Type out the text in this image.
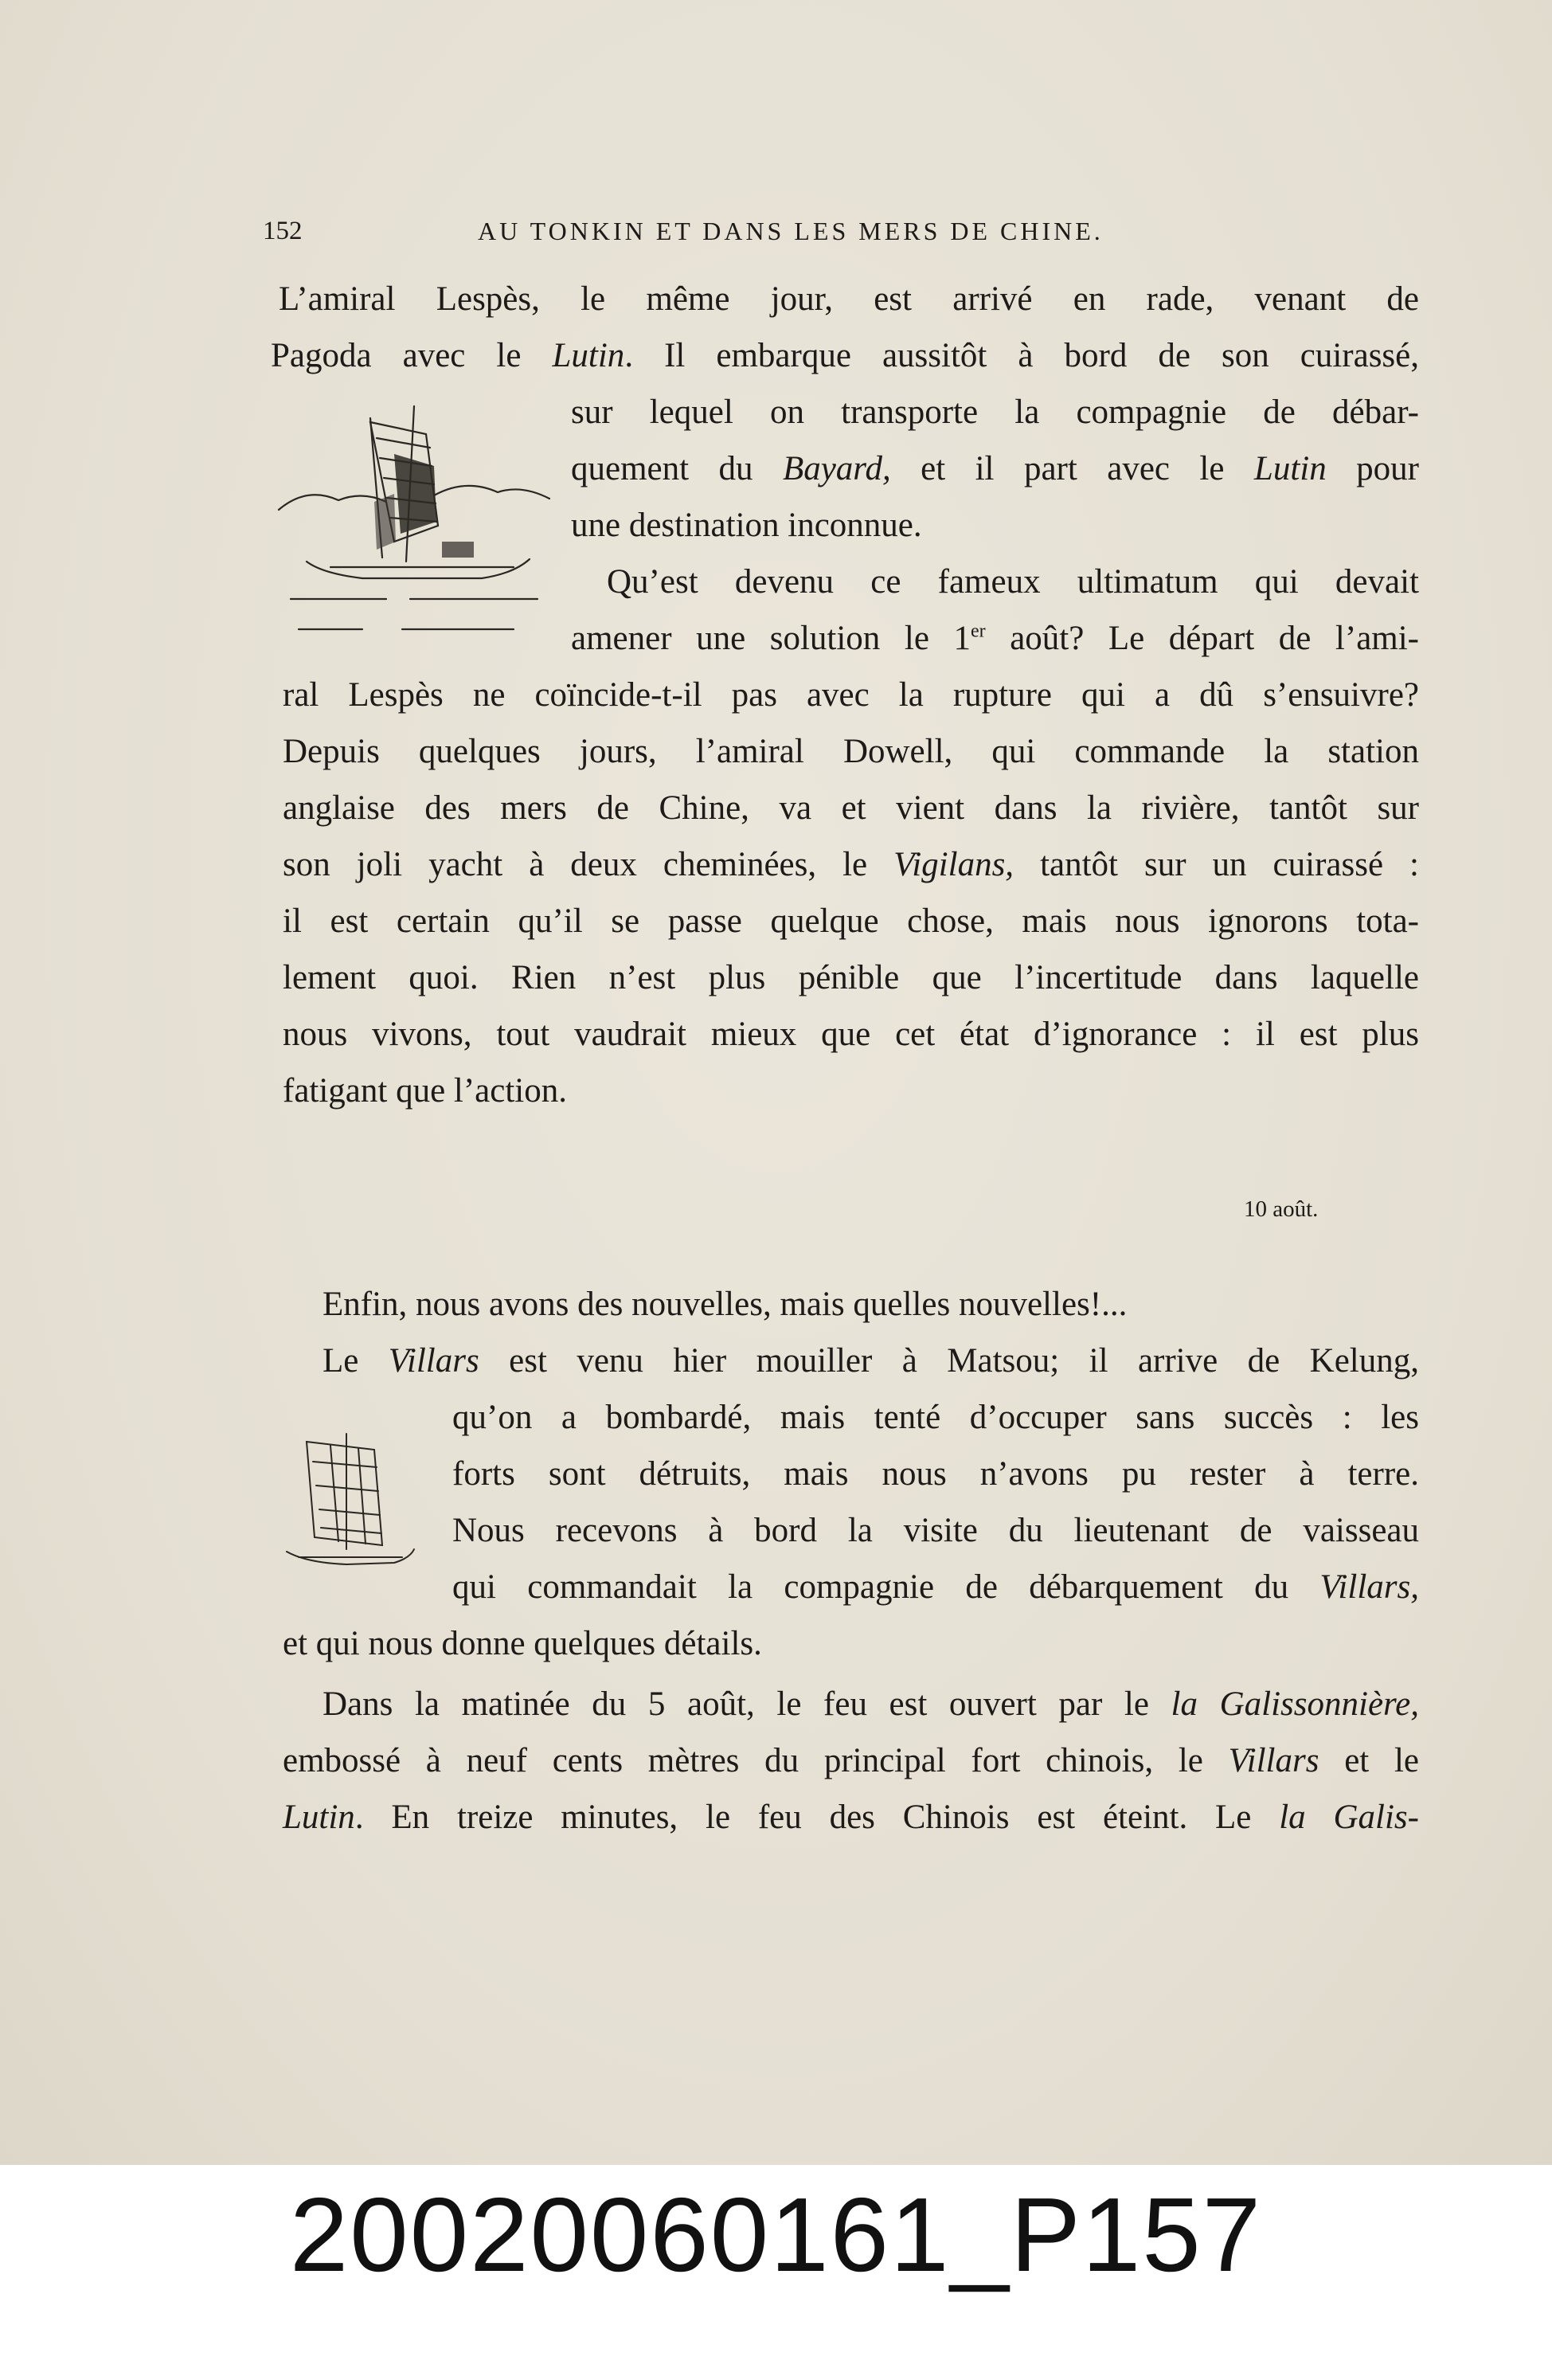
152	AU TONKIN ET DANS LES MERS DE CHINE.
L’amiral Lespès, le même jour, est arrivé en rade, venant de
Pagoda avec le Lutin. Il embarque aussitôt à bord de son cuirassé,
sur lequel on transporte la compagnie de débar-
quement du Bayard, et il part avec le Lutin pour
une destination inconnue.
Qu’est devenu ce fameux ultimatum qui devait
amener une solution le 1er août? Le départ de l’ami-
ral Lespès ne coïncide-t-il pas avec la rupture qui a dû s’ensuivre?
Depuis quelques jours, l’amiral Dowell, qui commande la station
anglaise des mers de Chine, va et vient dans la rivière, tantôt sur
son joli yacht à deux cheminées, le Vigilans, tantôt sur un cuirassé :
il est certain qu’il se passe quelque chose, mais nous ignorons tota-
lement quoi. Rien n’est plus pénible que l’incertitude dans laquelle
nous vivons, tout vaudrait mieux que cet état d’ignorance : il est plus
fatigant que l’action.
10 août.
Enfin, nous avons des nouvelles, mais quelles nouvelles!...
Le Villars est venu hier mouiller à Matsou; il arrive de Kelung,
qu’on a bombardé, mais tenté d’occuper sans succès : les
forts sont détruits, mais nous n’avons pu rester à terre.
Nous recevons à bord la visite du lieutenant de vaisseau
qui commandait la compagnie de débarquement du Villars,
et qui nous donne quelques détails.
Dans la matinée du 5 août, le feu est ouvert par le la Galissonnière,
embossé à neuf cents mètres du principal fort chinois, le Villars et le
Lutin. En treize minutes, le feu des Chinois est éteint. Le la Galis-
20020060161_P157
